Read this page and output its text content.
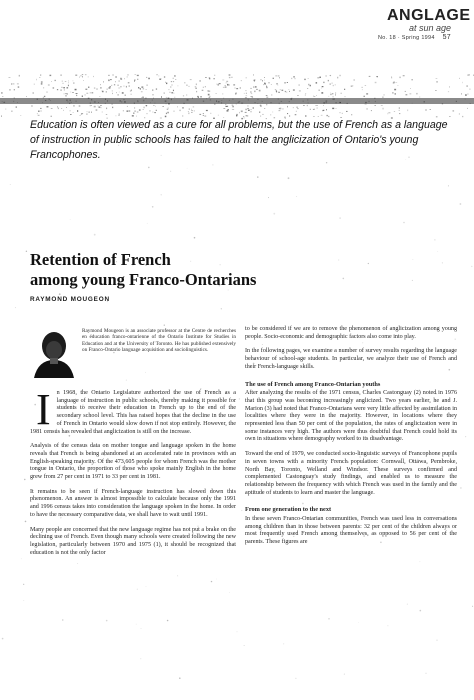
ANGLAGE
at sun age
No. 18 · Spring 1994 57
Education is often viewed as a cure for all problems, but the use of French as a language of instruction in public schools has failed to halt the anglicization of Ontario's young Francophones.
Retention of French
among young Franco-Ontarians
RAYMOND MOUGEON
Raymond Mougeon is an associate professor at the Centre de recherches en éducation franco-ontarienne of the Ontario Institute for Studies in Education and at the University of Toronto. He has published extensively on Franco-Ontario language acquisition and sociolinguistics.

I n 1968, the Ontario Legislature authorized the use of French as a language of instruction in public schools, thereby making it possible for students to receive their education in French up to the end of the secondary school level. This has raised hopes that the decline in the use of French in Ontario would slow down if not stop entirely. However, the 1981 census has revealed that anglicization is still on the increase.

Analysis of the census data on mother tongue and language spoken in the home reveals that French is being abandoned at an accelerated rate in provinces with an English-speaking majority. Of the 473,605 people for whom French was the mother tongue in Ontario, the proportion of those who spoke mainly English in the home grew from 27 per cent in 1971 to 33 per cent in 1981.

It remains to be seen if French-language instruction has slowed down this phenomenon. An answer is almost impossible to calculate because only the 1991 and 1996 census takes into consideration the language spoken in the home. In order to have the necessary comparative data, we shall have to wait until 1991.

Many people are concerned that the new language regime has not put a brake on the declining use of French. Even though many schools were created following the new legislation, particularly between 1970 and 1975 (1), it should be recognized that education is not the only factor

to be considered if we are to remove the phenomenon of anglicization among young people. Socio-economic and demographic factors also come into play.

In the following pages, we examine a number of survey results regarding the language behaviour of school-age students. In particular, we analyze their use of French and their French-language skills.

The use of French among Franco-Ontarian youths

After analyzing the results of the 1971 census, Charles Castonguay (2) noted in 1976 that this group was becoming increasingly anglicized. Two years earlier, he and J. Marion (3) had noted that Franco-Ontarians were very little affected by assimilation in localities where they were in the majority. However, in locations where they represented less than 50 per cent of the population, the rates of anglicization were in some instances very high. The authors were thus doubtful that French could hold its own in situations where demography worked to its disadvantage.

Toward the end of 1979, we conducted socio-linguistic surveys of Francophone pupils in seven towns with a minority French population: Cornwall, Ottawa, Pembroke, North Bay, Toronto, Welland and Windsor. These surveys confirmed and complemented Castonguay's study findings, and enabled us to measure the relationship between the frequency with which French was used in the family and the aptitude of students to learn and master the language.

From one generation to the next

In these seven Franco-Ontarian communities, French was used less in conversations among children than in those between parents: 32 per cent of the children always or most frequently used French among themselves, as opposed to 56 per cent of the parents. These figures are
